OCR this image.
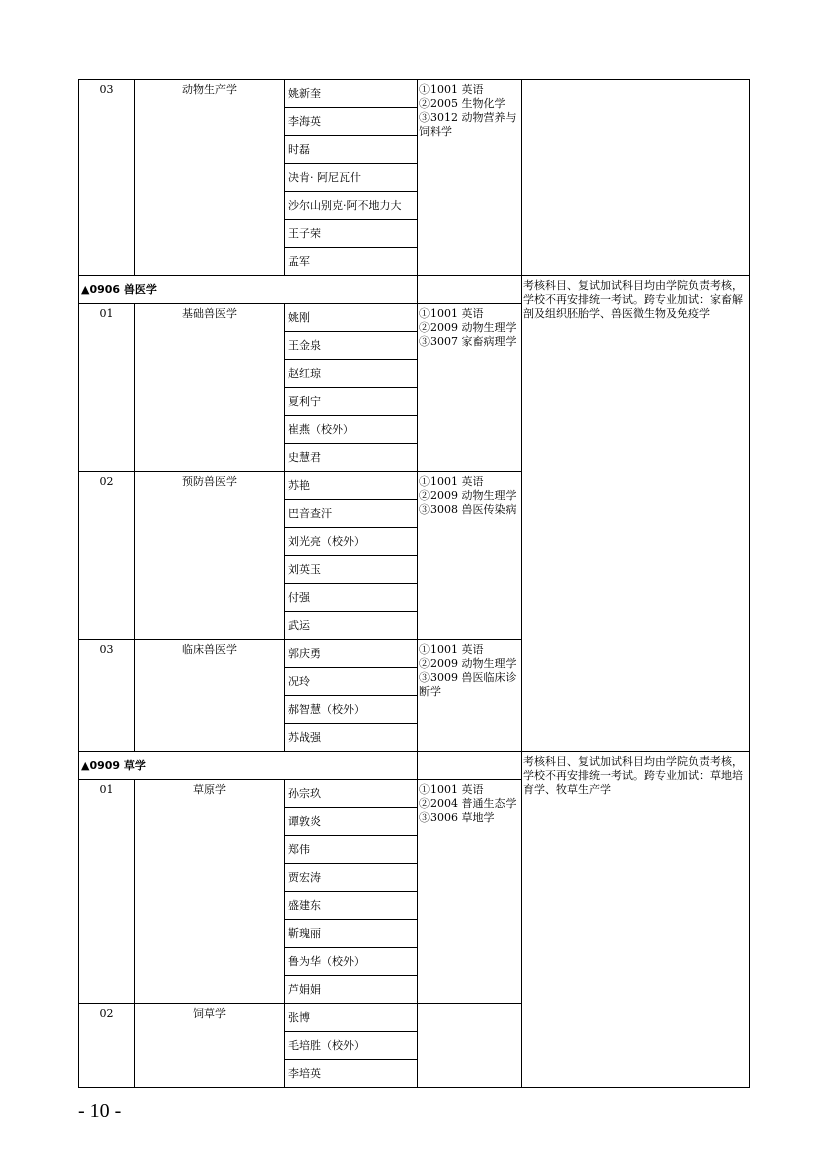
03	动物生产学	姚新奎	①1001 英语
②2005 生物化学
③3012 动物营养与饲料学	

		李海英		
		时磊		
		决肯· 阿尼瓦什		
		沙尔山别克·阿不地力大		
		王子荣		
		孟军		
▲0906 兽医学				考核科目、复试加试科目均由学院负责考核，学校不再安排统一考试。跨专业加试：家畜解剖及组织胚胎学、兽医微生物及免疫学
01	基础兽医学	姚刚	①1001 英语
②2009 动物生理学
③3007 家畜病理学	

		王金泉		
		赵红琼		
		夏利宁		
		崔燕（校外）		
		史慧君		
02	预防兽医学	苏艳	①1001 英语
②2009 动物生理学
③3008 兽医传染病	

		巴音查汗		
		刘光亮（校外）		
		刘英玉		
		付强		
		武运		
03	临床兽医学	郭庆勇	①1001 英语
②2009 动物生理学
③3009 兽医临床诊断学	

		况玲		
		郝智慧（校外）		
		苏战强		
▲0909 草学				考核科目、复试加试科目均由学院负责考核，学校不再安排统一考试。跨专业加试：草地培育学、牧草生产学
01	草原学	孙宗玖	①1001 英语
②2004 普通生态学
③3006 草地学	

		谭敦炎		
		郑伟		
		贾宏涛		
		盛建东		
		靳瑰丽		
		鲁为华（校外）		
		芦娟娟		
02	饲草学	张博		
		毛培胜（校外）		
		李培英		
- 10 -
